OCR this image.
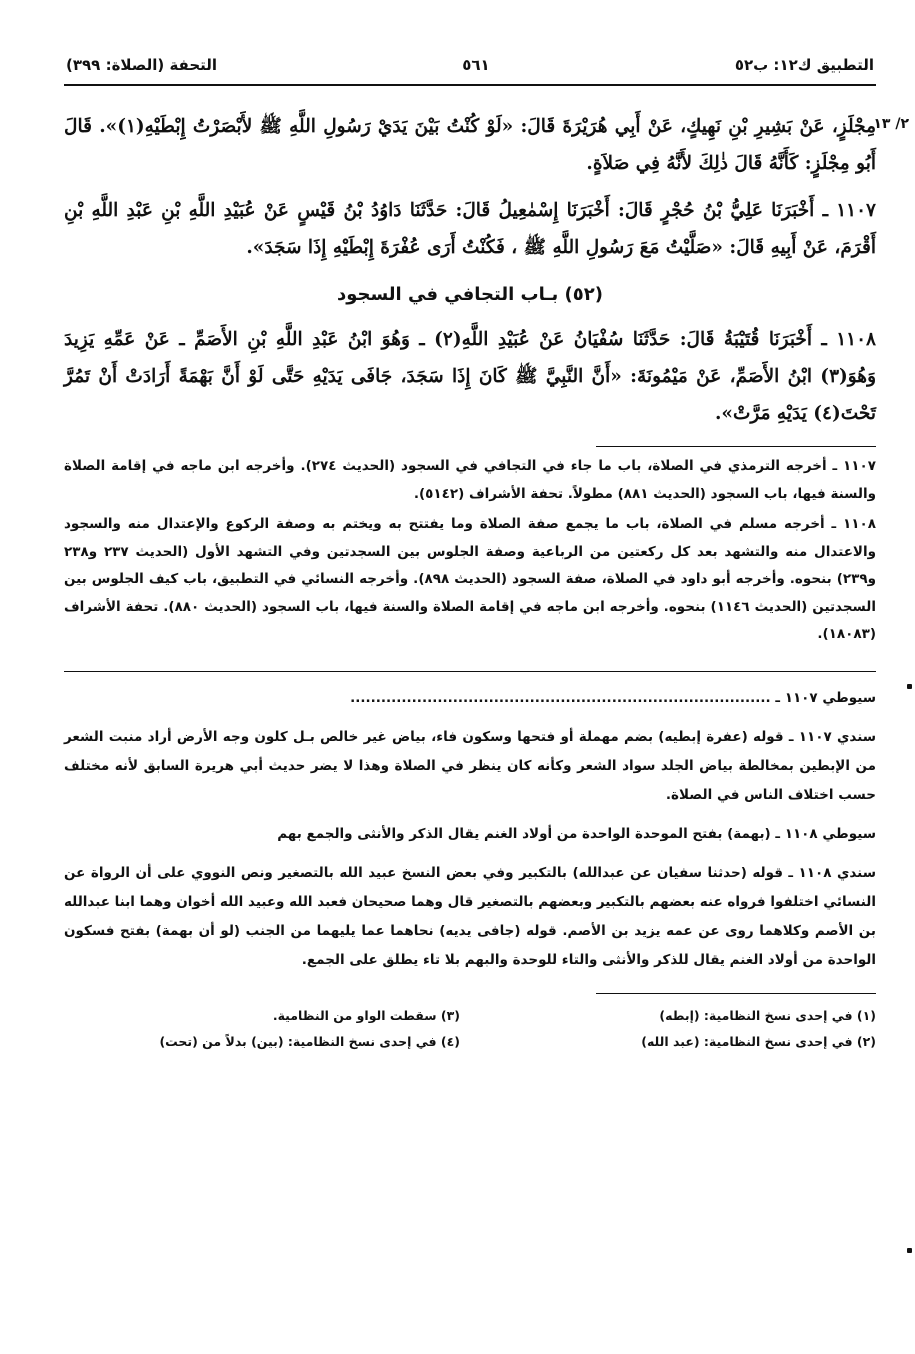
٢/ ١٣
التطبيق ك١٢: ب٥٢
٥٦١
التحفة (الصلاة: ٣٩٩)

مِجْلَزٍ، عَنْ بَشِيرِ بْنِ نَهِيكٍ، عَنْ أَبِي هُرَيْرَةَ قَالَ: «لَوْ كُنْتُ بَيْنَ يَدَيْ رَسُولِ اللَّهِ ﷺ لأَبْصَرْتُ إِبْطَيْهِ(١)». قَالَ أَبُو مِجْلَزٍ: كَأَنَّهُ قَالَ ذٰلِكَ لأَنَّهُ فِي صَلاَةٍ.

١١٠٧ ـ أَخْبَرَنَا عَلِيُّ بْنُ حُجْرٍ قَالَ: أَخْبَرَنَا إِسْمٰعِيلُ قَالَ: حَدَّثَنَا دَاوُدُ بْنُ قَيْسٍ عَنْ عُبَيْدِ اللَّهِ بْنِ عَبْدِ اللَّهِ بْنِ أَقْرَمَ، عَنْ أَبِيهِ قَالَ: «صَلَّيْتُ مَعَ رَسُولِ اللَّهِ ﷺ ، فَكُنْتُ أَرَى عُفْرَةَ إِبْطَيْهِ إِذَا سَجَدَ».

(٥٢) بـاب التجافي في السجود

١١٠٨ ـ أَخْبَرَنَا قُتَيْبَةُ قَالَ: حَدَّثَنَا سُفْيَانُ عَنْ عُبَيْدِ اللَّهِ(٢) ـ وَهُوَ ابْنُ عَبْدِ اللَّهِ بْنِ الأَصَمِّ ـ عَنْ عَمِّهِ يَزِيدَ وَهُوَ(٣) ابْنُ الأَصَمِّ، عَنْ مَيْمُونَةَ: «أَنَّ النَّبِيَّ ﷺ كَانَ إِذَا سَجَدَ، جَافَى يَدَيْهِ حَتَّى لَوْ أَنَّ بَهْمَةً أَرَادَتْ أَنْ تَمُرَّ تَحْتَ(٤) يَدَيْهِ مَرَّتْ».

١١٠٧ ـ أخرجه الترمذي في الصلاة، باب ما جاء في التجافي في السجود (الحديث ٢٧٤). وأخرجه ابن ماجه في إقامة الصلاة والسنة فيها، باب السجود (الحديث ٨٨١) مطولاً. تحفة الأشراف (٥١٤٢).

١١٠٨ ـ أخرجه مسلم في الصلاة، باب ما يجمع صفة الصلاة وما يفتتح به ويختم به وصفة الركوع والإعتدال منه والسجود والاعتدال منه والتشهد بعد كل ركعتين من الرباعية وصفة الجلوس بين السجدتين وفي التشهد الأول (الحديث ٢٣٧ و٢٣٨ و٢٣٩) بنحوه. وأخرجه أبو داود في الصلاة، صفة السجود (الحديث ٨٩٨). وأخرجه النسائي في التطبيق، باب كيف الجلوس بين السجدتين (الحديث ١١٤٦) بنحوه. وأخرجه ابن ماجه في إقامة الصلاة والسنة فيها، باب السجود (الحديث ٨٨٠). تحفة الأشراف (١٨٠٨٣).

سيوطي ١١٠٧ ـ ..................................................................................

سندي ١١٠٧ ـ قوله (عفرة إبطيه) بضم مهملة أو فتحها وسكون فاء، بياض غير خالص بـل كلون وجه الأرض أراد منبت الشعر من الإبطين بمخالطة بياض الجلد سواد الشعر وكأنه كان ينظر في الصلاة وهذا لا يضر حديث أبي هريرة السابق لأنه مختلف حسب اختلاف الناس في الصلاة.

سيوطي ١١٠٨ ـ (بهمة) بفتح الموحدة الواحدة من أولاد الغنم يقال الذكر والأنثى والجمع بهم

سندي ١١٠٨ ـ قوله (حدثنا سفيان عن عبدالله) بالتكبير وفي بعض النسخ عبيد الله بالتصغير ونص النووي على أن الرواة عن النسائي اختلفوا فرواه عنه بعضهم بالتكبير وبعضهم بالتصغير قال وهما صحيحان فعبد الله وعبيد الله أخوان وهما ابنا عبدالله بن الأصم وكلاهما روى عن عمه يزيد بن الأصم. قوله (جافى يديه) نحاهما عما يليهما من الجنب (لو أن بهمة) بفتح فسكون الواحدة من أولاد الغنم يقال للذكر والأنثى والتاء للوحدة والبهم بلا تاء يطلق على الجمع.

(١) في إحدى نسخ النظامية: (إبطه)
(٣) سقطت الواو من النظامية.
(٢) في إحدى نسخ النظامية: (عبد الله)
(٤) في إحدى نسخ النظامية: (بين) بدلاً من (تحت)
